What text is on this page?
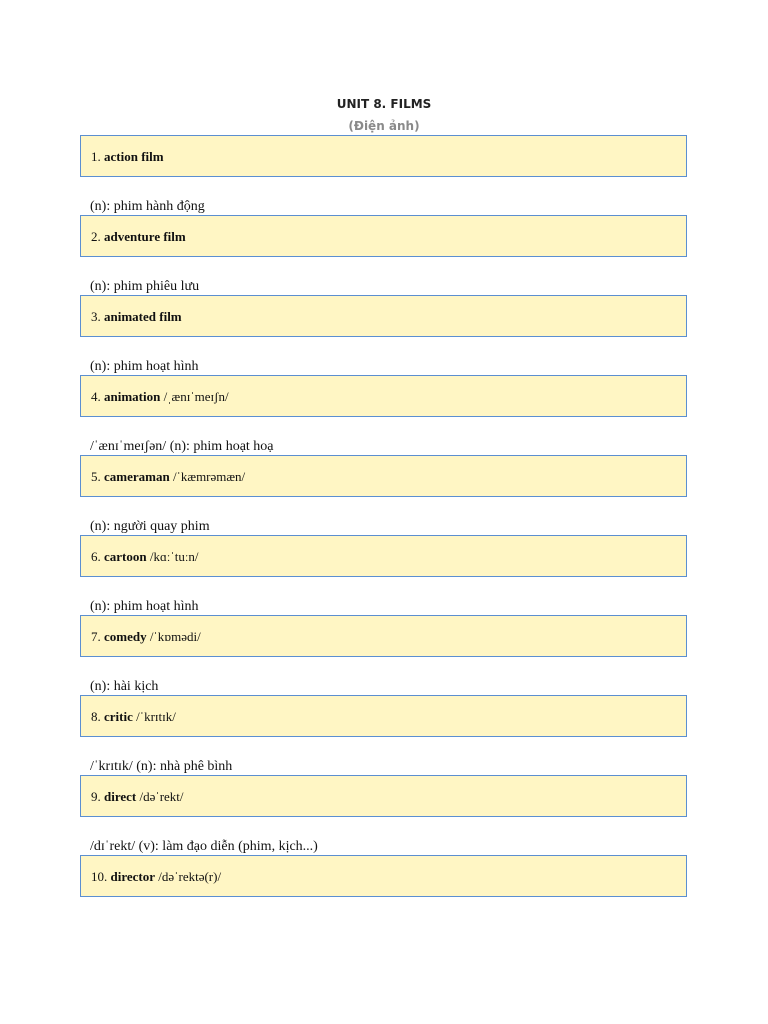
UNIT 8. FILMS
(Điện ảnh)
1. action film
(n): phim hành động
2. adventure film
(n): phim phiêu lưu
3. animated film
(n): phim hoạt hình
4. animation /ˌænɪˈmeɪʃn/
/ˈænɪˈmeɪʃən/ (n): phim hoạt hoạ
5. cameraman /ˈkæmrəmæn/
(n): người quay phim
6. cartoon /kɑːˈtuːn/
(n): phim hoạt hình
7. comedy /ˈkɒmədi/
(n): hài kịch
8. critic /ˈkrɪtɪk/
/ˈkrɪtɪk/ (n): nhà phê bình
9. direct /dəˈrekt/
/dɪˈrekt/ (v): làm đạo diễn (phim, kịch...)
10. director /dəˈrektə(r)/
